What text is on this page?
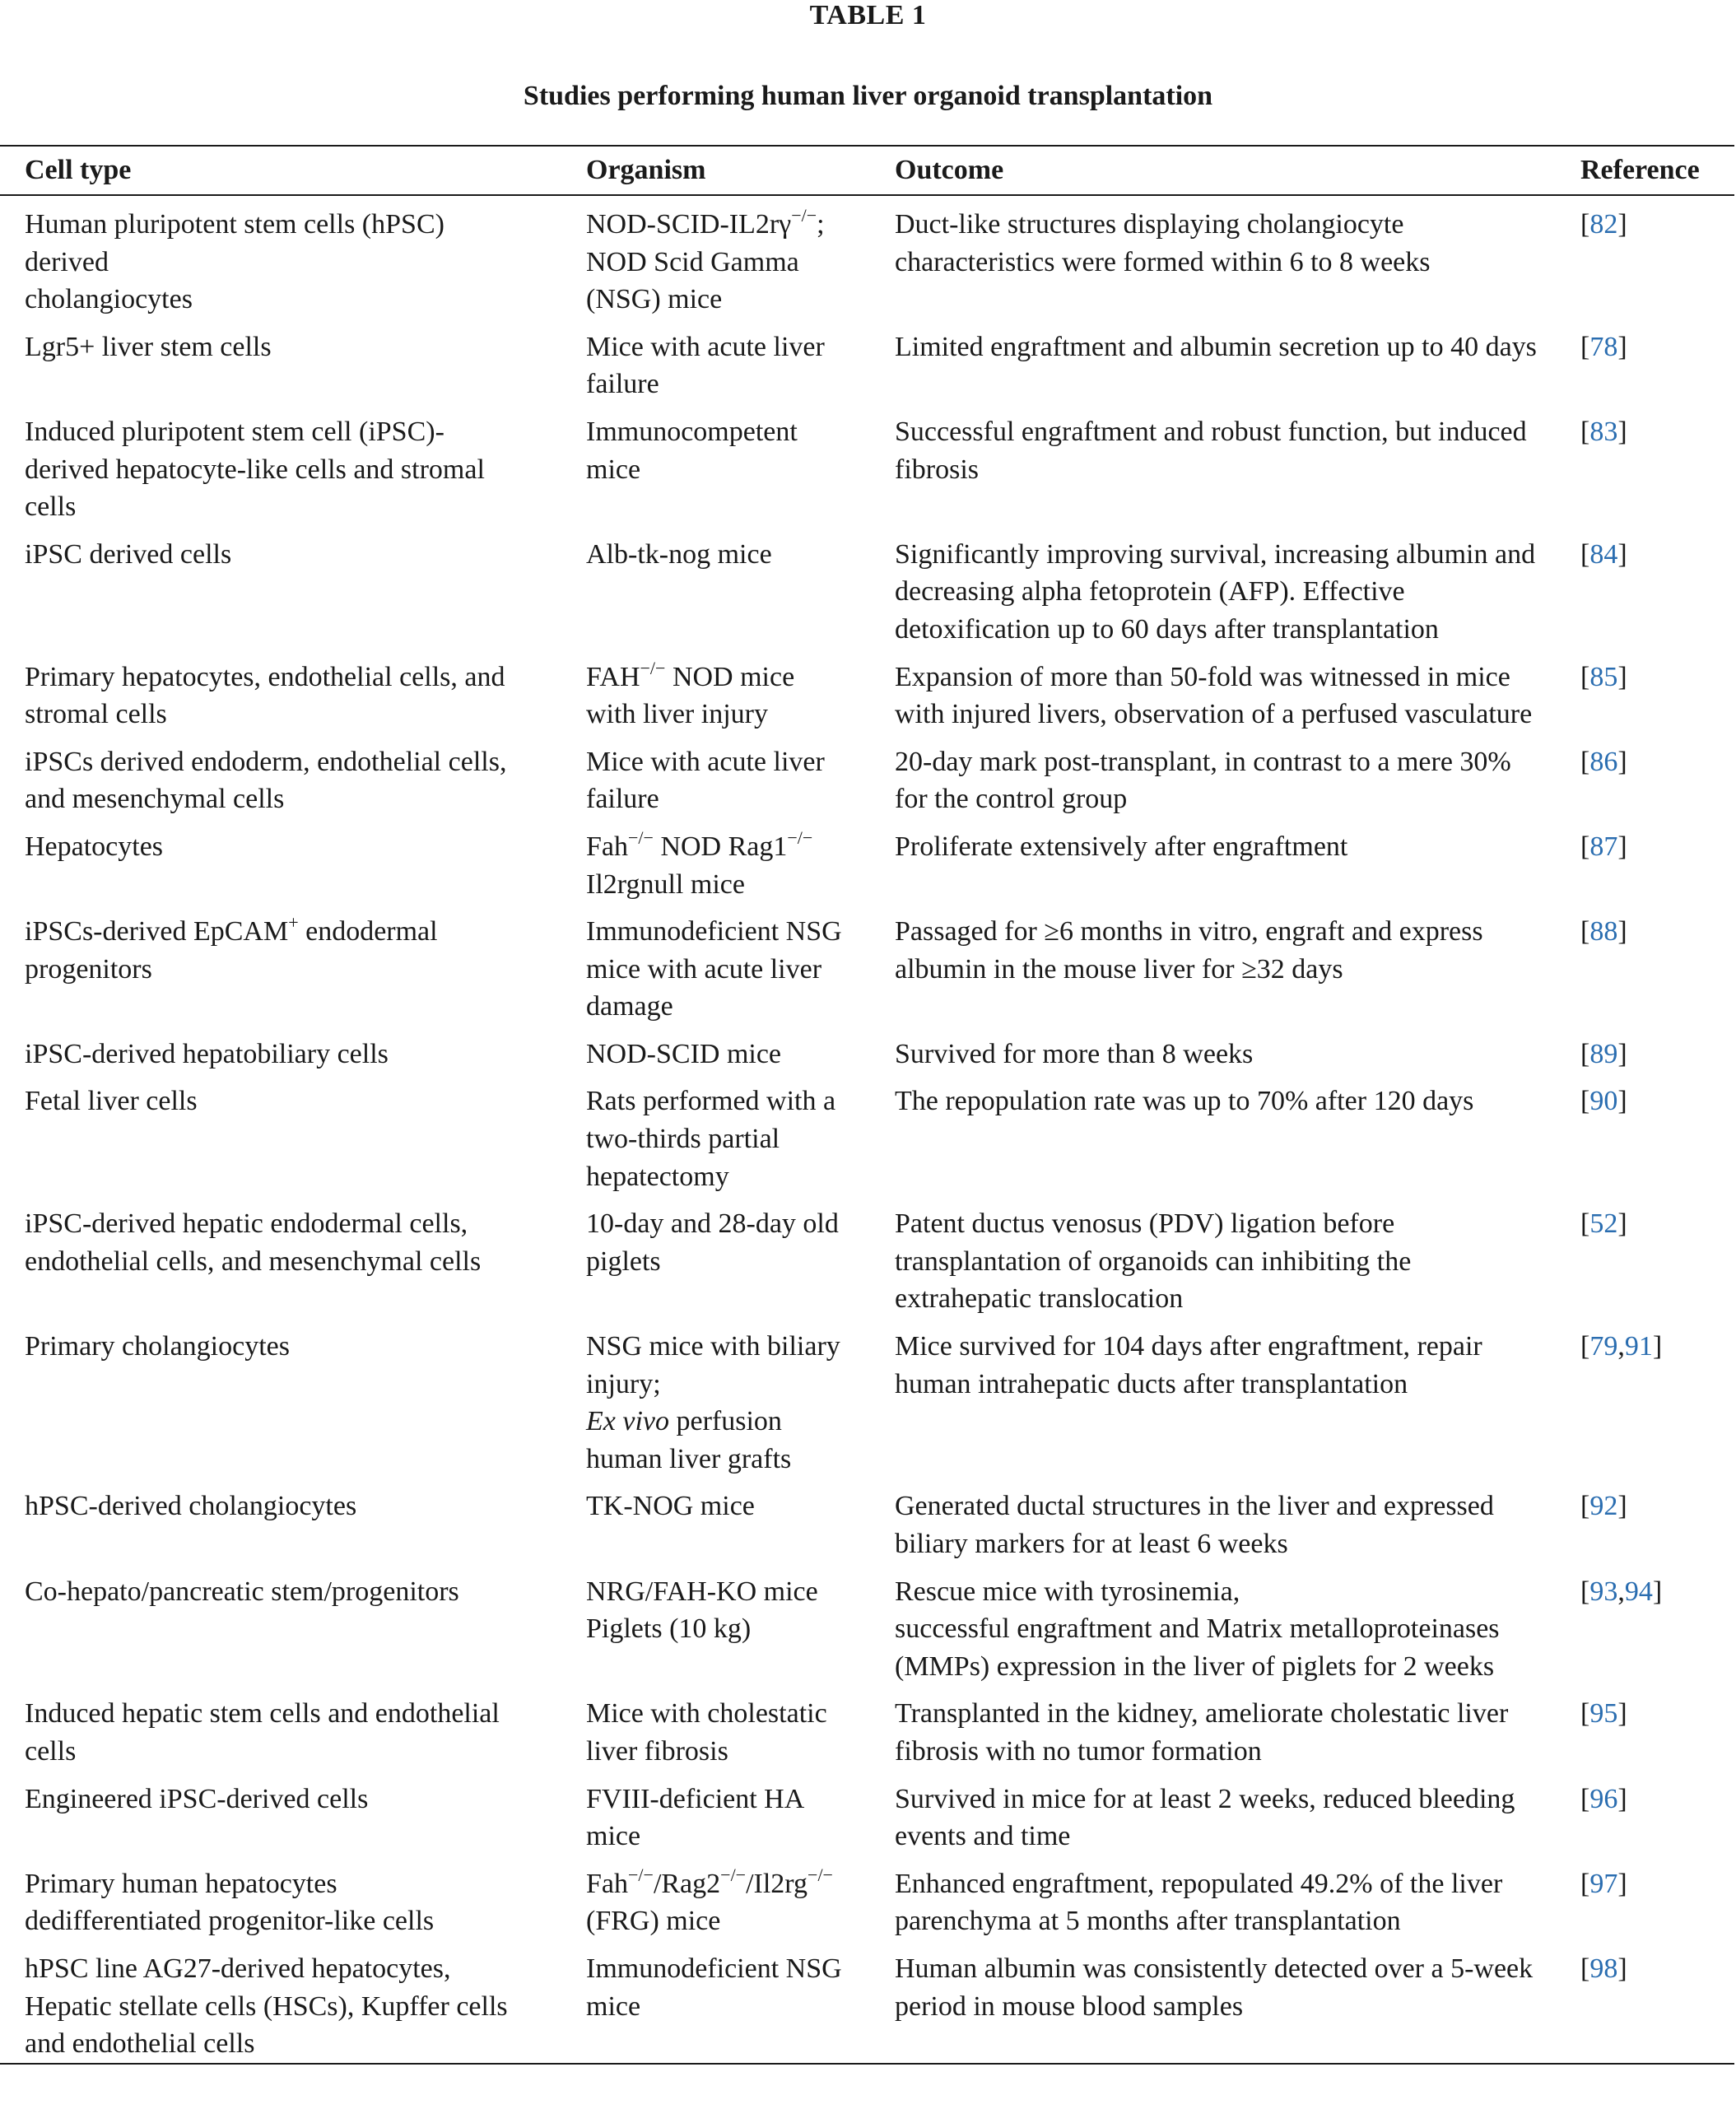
TABLE 1
Studies performing human liver organoid transplantation
Cell type	Organism	Outcome	Reference

Human pluripotent stem cells (hPSC)
derived
cholangiocytes	NOD-SCID-IL2rγ−/−;
NOD Scid Gamma
(NSG) mice	Duct-like structures displaying cholangiocyte characteristics were formed within 6 to 8 weeks	[82]

Lgr5+ liver stem cells	Mice with acute liver
failure	Limited engraftment and albumin secretion up to 40 days	[78]

Induced pluripotent stem cell (iPSC)-
derived hepatocyte-like cells and stromal
cells	Immunocompetent
mice	Successful engraftment and robust function, but induced fibrosis	[83]

iPSC derived cells	Alb-tk-nog mice	Significantly improving survival, increasing albumin and decreasing alpha fetoprotein (AFP). Effective detoxification up to 60 days after transplantation	[84]

Primary hepatocytes, endothelial cells, and
stromal cells	FAH−/− NOD mice
with liver injury	Expansion of more than 50-fold was witnessed in mice with injured livers, observation of a perfused vasculature	[85]

iPSCs derived endoderm, endothelial cells,
and mesenchymal cells	Mice with acute liver
failure	20-day mark post-transplant, in contrast to a mere 30% for the control group	[86]

Hepatocytes	Fah−/− NOD Rag1−/−
Il2rgnull mice	Proliferate extensively after engraftment	[87]

iPSCs-derived EpCAM+ endodermal
progenitors	Immunodeficient NSG
mice with acute liver
damage	Passaged for ≥6 months in vitro, engraft and express albumin in the mouse liver for ≥32 days	[88]

iPSC-derived hepatobiliary cells	NOD-SCID mice	Survived for more than 8 weeks	[89]

Fetal liver cells	Rats performed with a
two-thirds partial
hepatectomy	The repopulation rate was up to 70% after 120 days	[90]

iPSC-derived hepatic endodermal cells,
endothelial cells, and mesenchymal cells	10-day and 28-day old
piglets	Patent ductus venosus (PDV) ligation before transplantation of organoids can inhibiting the extrahepatic translocation	[52]

Primary cholangiocytes	NSG mice with biliary
injury;
Ex vivo perfusion
human liver grafts	Mice survived for 104 days after engraftment, repair human intrahepatic ducts after transplantation	[79,91]

hPSC-derived cholangiocytes	TK-NOG mice	Generated ductal structures in the liver and expressed biliary markers for at least 6 weeks	[92]

Co-hepato/pancreatic stem/progenitors	NRG/FAH-KO mice
Piglets (10 kg)	Rescue mice with tyrosinemia,
successful engraftment and Matrix metalloproteinases (MMPs) expression in the liver of piglets for 2 weeks	[93,94]

Induced hepatic stem cells and endothelial
cells	Mice with cholestatic
liver fibrosis	Transplanted in the kidney, ameliorate cholestatic liver fibrosis with no tumor formation	[95]

Engineered iPSC-derived cells	FVIII-deficient HA
mice	Survived in mice for at least 2 weeks, reduced bleeding events and time	[96]

Primary human hepatocytes
dedifferentiated progenitor-like cells	Fah−/−/Rag2−/−/Il2rg−/−
(FRG) mice	Enhanced engraftment, repopulated 49.2% of the liver parenchyma at 5 months after transplantation	[97]

hPSC line AG27-derived hepatocytes,
Hepatic stellate cells (HSCs), Kupffer cells
and endothelial cells	Immunodeficient NSG
mice	Human albumin was consistently detected over a 5-week period in mouse blood samples	[98]
